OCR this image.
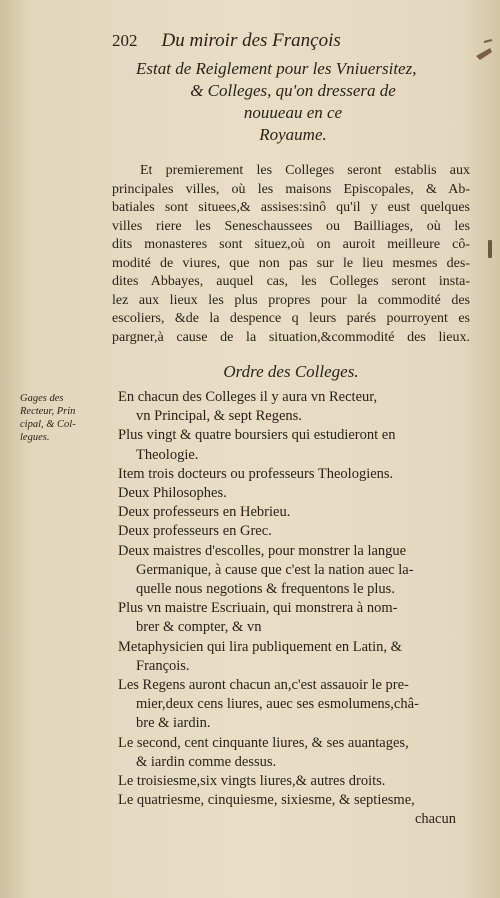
202 Du miroir des François
Estat de Reiglement pour les Vniuersitez,
& Colleges, qu'on dressera de
nouueau en ce
Royaume.
Et premierement les Colleges seront establis aux
principales villes, où les maisons Episcopales, & Ab-
batiales sont situees,& assises:sinô qu'il y eust quelques
villes riere les Seneschaussees ou Bailliages, où les
dits monasteres sont situez,où on auroit meilleure cô-
modité de viures, que non pas sur le lieu mesmes des-
dites Abbayes, auquel cas, les Colleges seront insta-
lez aux lieux les plus propres pour la commodité des
escoliers, &de la despence q leurs parés pourroyent es
pargner,à cause de la situation,&commodité des lieux.
Ordre des Colleges.
Gages des
Recteur, Prin
cipal, & Col-
legues.
En chacun des Colleges il y aura vn Recteur,
vn Principal, & sept Regens.
Plus vingt & quatre boursiers qui estudieront en
Theologie.
Item trois docteurs ou professeurs Theologiens.
Deux Philosophes.
Deux professeurs en Hebrieu.
Deux professeurs en Grec.
Deux maistres d'escolles, pour monstrer la langue
Germanique, à cause que c'est la nation auec la-
quelle nous negotions & frequentons le plus.
Plus vn maistre Escriuain, qui monstrera à nom-
brer & compter, & vn
Metaphysicien qui lira publiquement en Latin, &
François.
Les Regens auront chacun an,c'est assauoir le pre-
mier,deux cens liures, auec ses esmolumens,châ-
bre & iardin.
Le second, cent cinquante liures, & ses auantages,
& iardin comme dessus.
Le troisiesme,six vingts liures,& autres droits.
Le quatriesme, cinquiesme, sixiesme, & septiesme,
chacun
